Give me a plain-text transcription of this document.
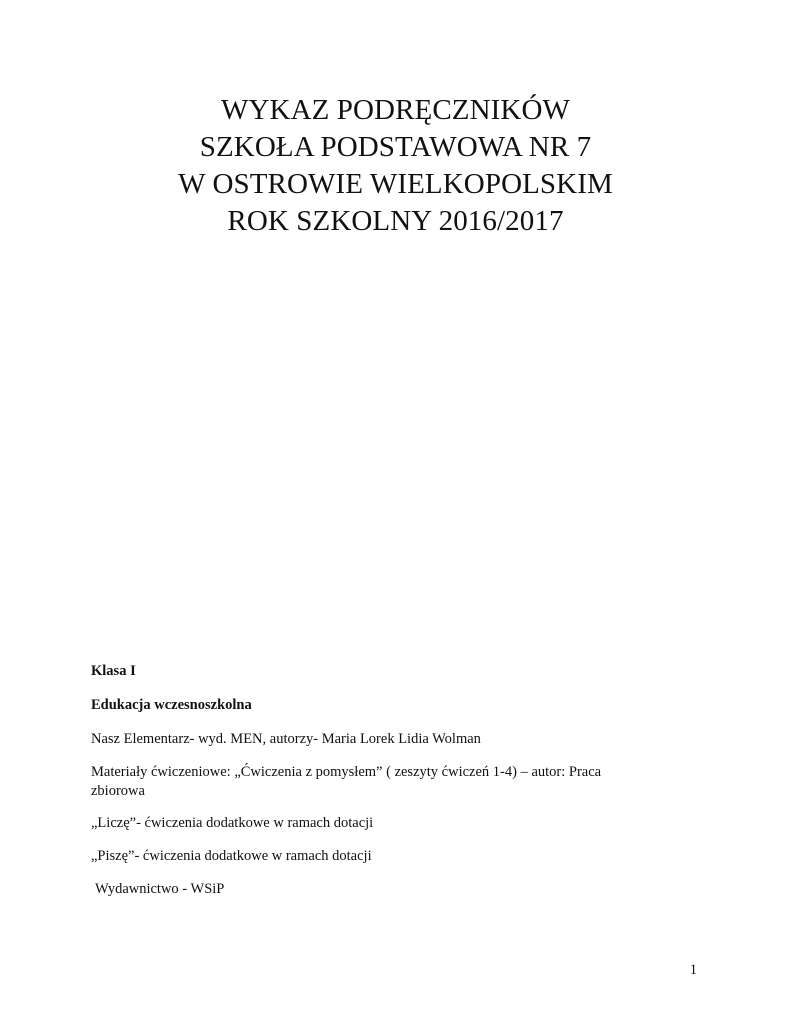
WYKAZ PODRĘCZNIKÓW

SZKOŁA PODSTAWOWA NR 7

W OSTROWIE WIELKOPOLSKIM

ROK SZKOLNY 2016/2017

Klasa I

Edukacja wczesnoszkolna

Nasz Elementarz- wyd. MEN, autorzy- Maria Lorek Lidia Wolman

Materiały ćwiczeniowe: „Ćwiczenia z pomysłem” ( zeszyty ćwiczeń 1-4) – autor: Praca zbiorowa

„Liczę”- ćwiczenia dodatkowe w ramach dotacji

„Piszę”- ćwiczenia dodatkowe w ramach dotacji

Wydawnictwo - WSiP

1
